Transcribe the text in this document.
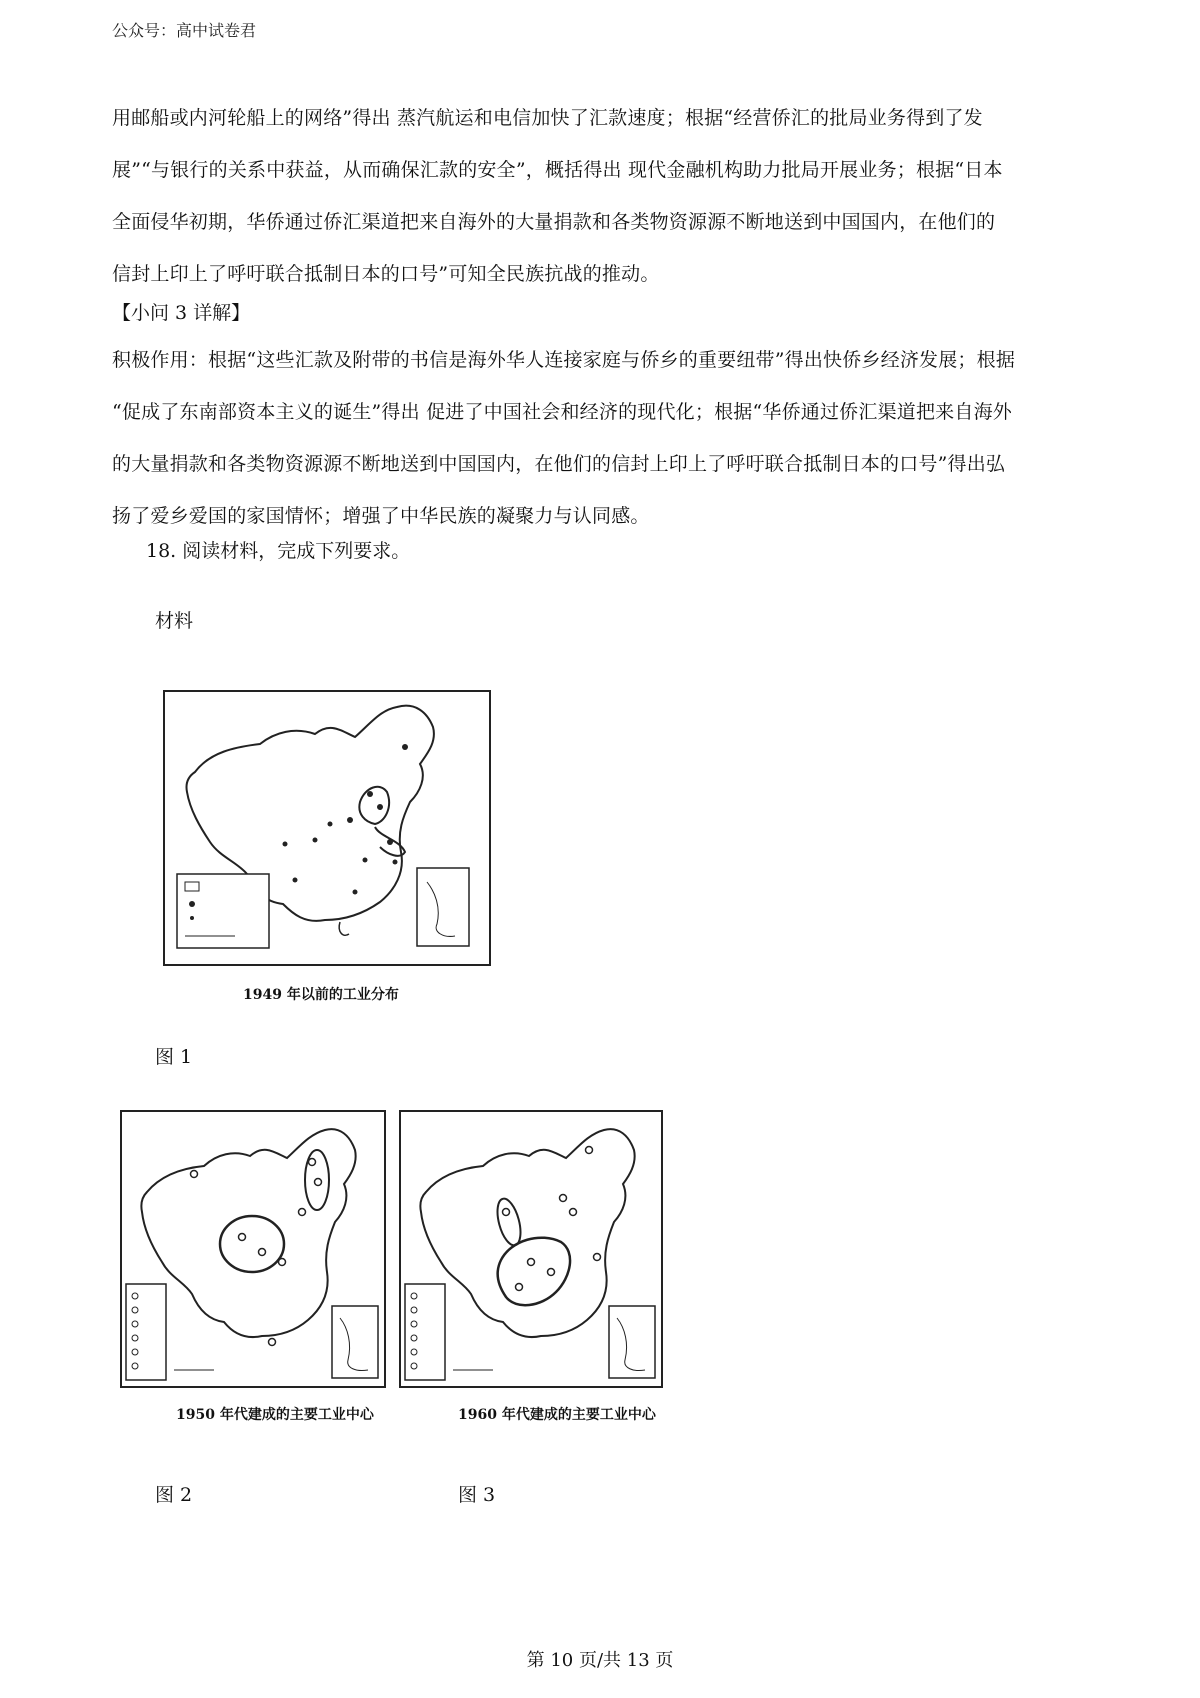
公众号：高中试卷君
用邮船或内河轮船上的网络”得出 蒸汽航运和电信加快了汇款速度；根据“经营侨汇的批局业务得到了发
展”“与银行的关系中获益，从而确保汇款的安全”，概括得出 现代金融机构助力批局开展业务；根据“日本
全面侵华初期，华侨通过侨汇渠道把来自海外的大量捐款和各类物资源源不断地送到中国国内，在他们的
信封上印上了呼吁联合抵制日本的口号”可知全民族抗战的推动。
【小问 3 详解】
积极作用：根据“这些汇款及附带的书信是海外华人连接家庭与侨乡的重要纽带”得出快侨乡经济发展；根据
“促成了东南部资本主义的诞生”得出 促进了中国社会和经济的现代化；根据“华侨通过侨汇渠道把来自海外
的大量捐款和各类物资源源不断地送到中国国内，在他们的信封上印上了呼吁联合抵制日本的口号”得出弘
扬了爱乡爱国的家国情怀；增强了中华民族的凝聚力与认同感。
18. 阅读材料，完成下列要求。
材料
1949 年以前的工业分布
图 1
1950 年代建成的主要工业中心
图 2
1960 年代建成的主要工业中心
图 3
第 10 页/共 13 页
